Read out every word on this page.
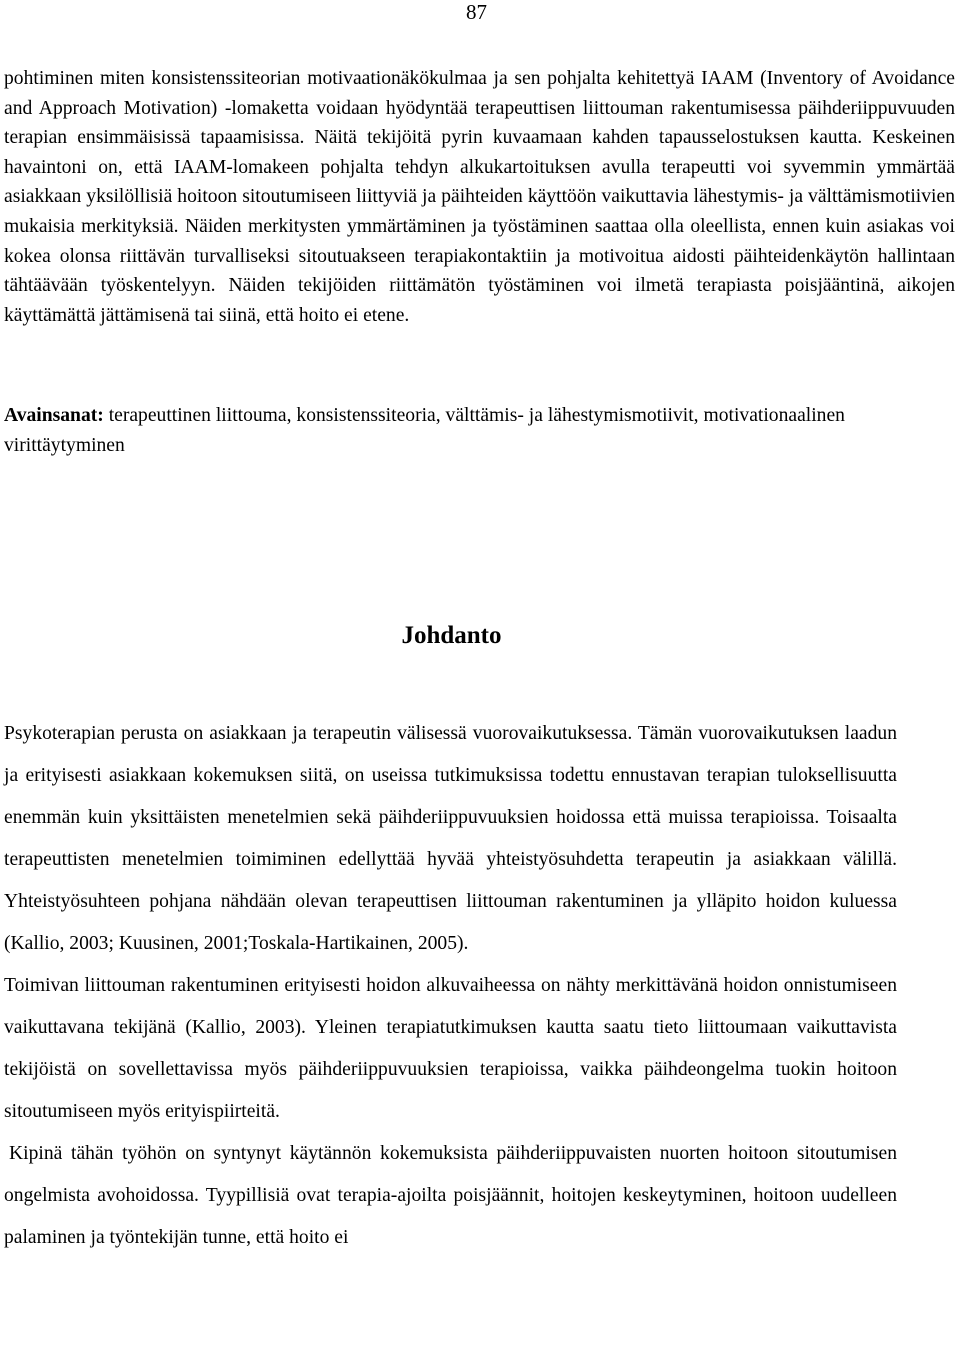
87

pohtiminen miten konsistenssiteorian motivaationäkökulmaa ja sen pohjalta kehitettyä IAAM (Inventory of Avoidance and Approach Motivation) -lomaketta voidaan hyödyntää terapeuttisen liittouman rakentumisessa päihderiippuvuuden terapian ensimmäisissä tapaamisissa. Näitä tekijöitä pyrin kuvaamaan kahden tapausselostuksen kautta. Keskeinen havaintoni on, että IAAM-lomakeen pohjalta tehdyn alkukartoituksen avulla terapeutti voi syvemmin ymmärtää asiakkaan yksilöllisiä hoitoon sitoutumiseen liittyviä ja päihteiden käyttöön vaikuttavia lähestymis- ja välttämismotiivien mukaisia merkityksiä. Näiden merkitysten ymmärtäminen ja työstäminen saattaa olla oleellista, ennen kuin asiakas voi kokea olonsa riittävän turvalliseksi sitoutuakseen terapiakontaktiin ja motivoitua aidosti päihteidenkäytön hallintaan tähtäävään työskentelyyn. Näiden tekijöiden riittämätön työstäminen voi ilmetä terapiasta poisjääntinä, aikojen käyttämättä jättämisenä tai siinä, että hoito ei etene.

Avainsanat: terapeuttinen liittouma, konsistenssiteoria, välttämis- ja lähestymismotiivit, motivationaalinen virittäytyminen

Johdanto

Psykoterapian perusta on asiakkaan ja terapeutin välisessä vuorovaikutuksessa. Tämän vuorovaikutuksen laadun ja erityisesti asiakkaan kokemuksen siitä, on useissa tutkimuksissa todettu ennustavan terapian tuloksellisuutta enemmän kuin yksittäisten menetelmien sekä päihderiippuvuuksien hoidossa että muissa terapioissa. Toisaalta terapeuttisten menetelmien toimiminen edellyttää hyvää yhteistyösuhdetta terapeutin ja asiakkaan välillä. Yhteistyösuhteen pohjana nähdään olevan terapeuttisen liittouman rakentuminen ja ylläpito hoidon kuluessa (Kallio, 2003; Kuusinen, 2001;Toskala-Hartikainen, 2005).

Toimivan liittouman rakentuminen erityisesti hoidon alkuvaiheessa on nähty merkittävänä hoidon onnistumiseen vaikuttavana tekijänä (Kallio, 2003). Yleinen terapiatutkimuksen kautta saatu tieto liittoumaan vaikuttavista tekijöistä on sovellettavissa myös päihderiippuvuuksien terapioissa, vaikka päihdeongelma tuokin hoitoon sitoutumiseen myös erityispiirteitä.

Kipinä tähän työhön on syntynyt käytännön kokemuksista päihderiippuvaisten nuorten hoitoon sitoutumisen ongelmista avohoidossa. Tyypillisiä ovat terapia-ajoilta poisjäännit, hoitojen keskeytyminen, hoitoon uudelleen palaminen ja työntekijän tunne, että hoito ei
